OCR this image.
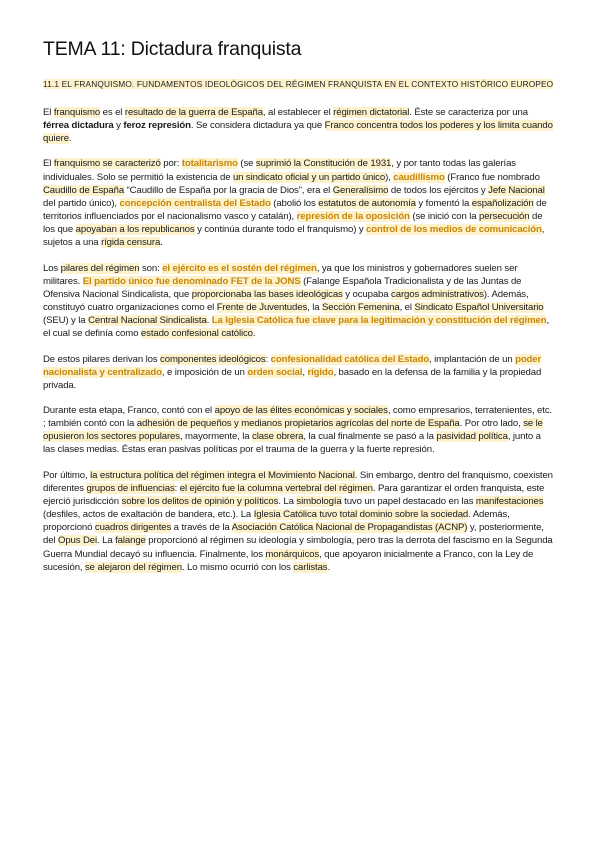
TEMA 11: Dictadura franquista
11.1 EL FRANQUISMO. FUNDAMENTOS IDEOLÓGICOS DEL RÉGIMEN FRANQUISTA EN EL CONTEXTO HISTÓRICO EUROPEO

El franquismo es el resultado de la guerra de España, al establecer el régimen dictatorial. Éste se caracteriza por una férrea dictadura y feroz represión. Se considera dictadura ya que Franco concentra todos los poderes y los limita cuando quiere.

El franquismo se caracterizó por: totalitarismo (se suprimió la Constitución de 1931, y por tanto todas las galerías individuales. Solo se permitió la existencia de un sindicato oficial y un partido único), caudillismo (Franco fue nombrado Caudillo de España “Caudillo de España por la gracia de Dios”, era el Generalísimo de todos los ejércitos y Jefe Nacional del partido único), concepción centralista del Estado (abolió los estatutos de autonomía y fomentó la españolización de territorios influenciados por el nacionalismo vasco y catalán), represión de la oposición (se inició con la persecución de los que apoyaban a los republicanos y continúa durante todo el franquismo) y control de los medios de comunicación, sujetos a una rígida censura.

Los pilares del régimen son: el ejército es el sostén del régimen, ya que los ministros y gobernadores suelen ser militares. El partido único fue denominado FET de la JONS (Falange Española Tradicionalista y de las Juntas de Ofensiva Nacional Sindicalista, que proporcionaba las bases ideológicas y ocupaba cargos administrativos). Además, constituyó cuatro organizaciones como el Frente de Juventudes, la Sección Femenina, el Sindicato Español Universitario (SEU) y la Central Nacional Sindicalista. La Iglesia Católica fue clave para la legitimación y constitución del régimen, el cual se definía como estado confesional católico.

De estos pilares derivan los componentes ideológicos: confesionalidad católica del Estado, implantación de un poder nacionalista y centralizado, e imposición de un orden social, rígido, basado en la defensa de la familia y la propiedad privada.

Durante esta etapa, Franco, contó con el apoyo de las élites económicas y sociales, como empresarios, terratenientes, etc. ; también contó con la adhesión de pequeños y medianos propietarios agrícolas del norte de España. Por otro lado, se le opusieron los sectores populares, mayormente, la clase obrera, la cual finalmente se pasó a la pasividad política, junto a las clases medias. Éstas eran pasivas políticas por el trauma de la guerra y la fuerte represión.

Por último, la estructura política del régimen integra el Movimiento Nacional. Sin embargo, dentro del franquismo, coexisten diferentes grupos de influencias: el ejército fue la columna vertebral del régimen. Para garantizar el orden franquista, este ejerció jurisdicción sobre los delitos de opinión y políticos. La simbología tuvo un papel destacado en las manifestaciones (desfiles, actos de exaltación de bandera, etc.). La Iglesia Católica tuvo total dominio sobre la sociedad. Además, proporcionó cuadros dirigentes a través de la Asociación Católica Nacional de Propagandistas (ACNP) y, posteriormente, del Opus Dei. La falange proporcionó al régimen su ideología y simbología, pero tras la derrota del fascismo en la Segunda Guerra Mundial decayó su influencia. Finalmente, los monárquicos, que apoyaron inicialmente a Franco, con la Ley de sucesión, se alejaron del régimen. Lo mismo ocurrió con los carlistas.
